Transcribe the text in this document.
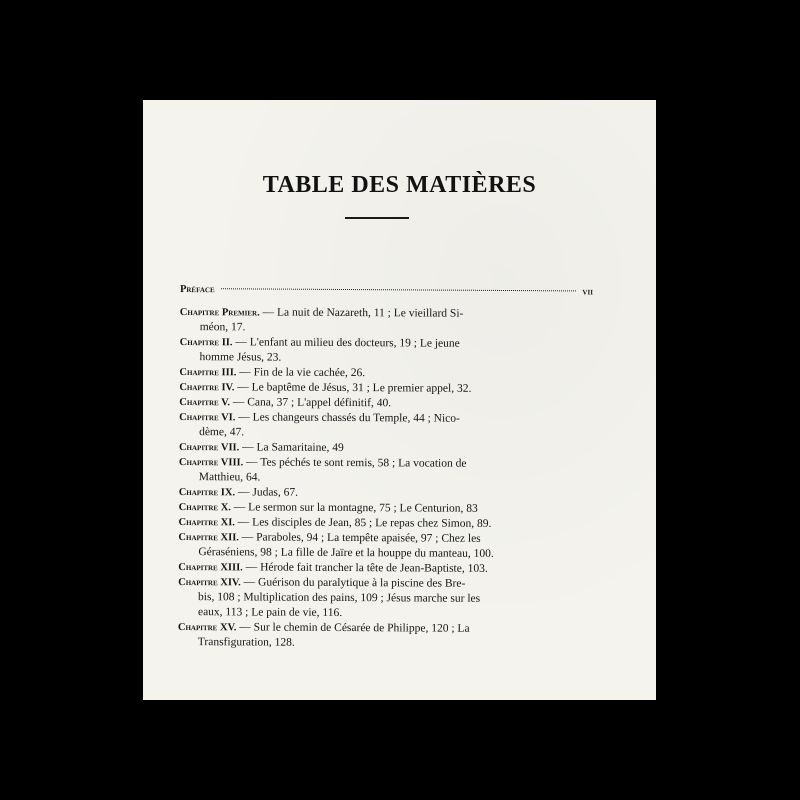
TABLE DES MATIÈRES
Préface	vii
Chapitre Premier. — La nuit de Nazareth, 11 ; Le vieillard Si-
méon, 17.
Chapitre II. — L'enfant au milieu des docteurs, 19 ; Le jeune
homme Jésus, 23.
Chapitre III. — Fin de la vie cachée, 26.
Chapitre IV. — Le baptême de Jésus, 31 ; Le premier appel, 32.
Chapitre V. — Cana, 37 ; L'appel définitif, 40.
Chapitre VI. — Les changeurs chassés du Temple, 44 ; Nico-
dème, 47.
Chapitre VII. — La Samaritaine, 49
Chapitre VIII. — Tes péchés te sont remis, 58 ; La vocation de
Matthieu, 64.
Chapitre IX. — Judas, 67.
Chapitre X. — Le sermon sur la montagne, 75 ; Le Centurion, 83
Chapitre XI. — Les disciples de Jean, 85 ; Le repas chez Simon, 89.
Chapitre XII. — Paraboles, 94 ; La tempête apaisée, 97 ; Chez les
Géraséniens, 98 ; La fille de Jaïre et la houppe du manteau, 100.
Chapitre XIII. — Hérode fait trancher la tête de Jean-Baptiste, 103.
Chapitre XIV. — Guérison du paralytique à la piscine des Bre-
bis, 108 ; Multiplication des pains, 109 ; Jésus marche sur les
eaux, 113 ; Le pain de vie, 116.
Chapitre XV. — Sur le chemin de Césarée de Philippe, 120 ; La
Transfiguration, 128.
